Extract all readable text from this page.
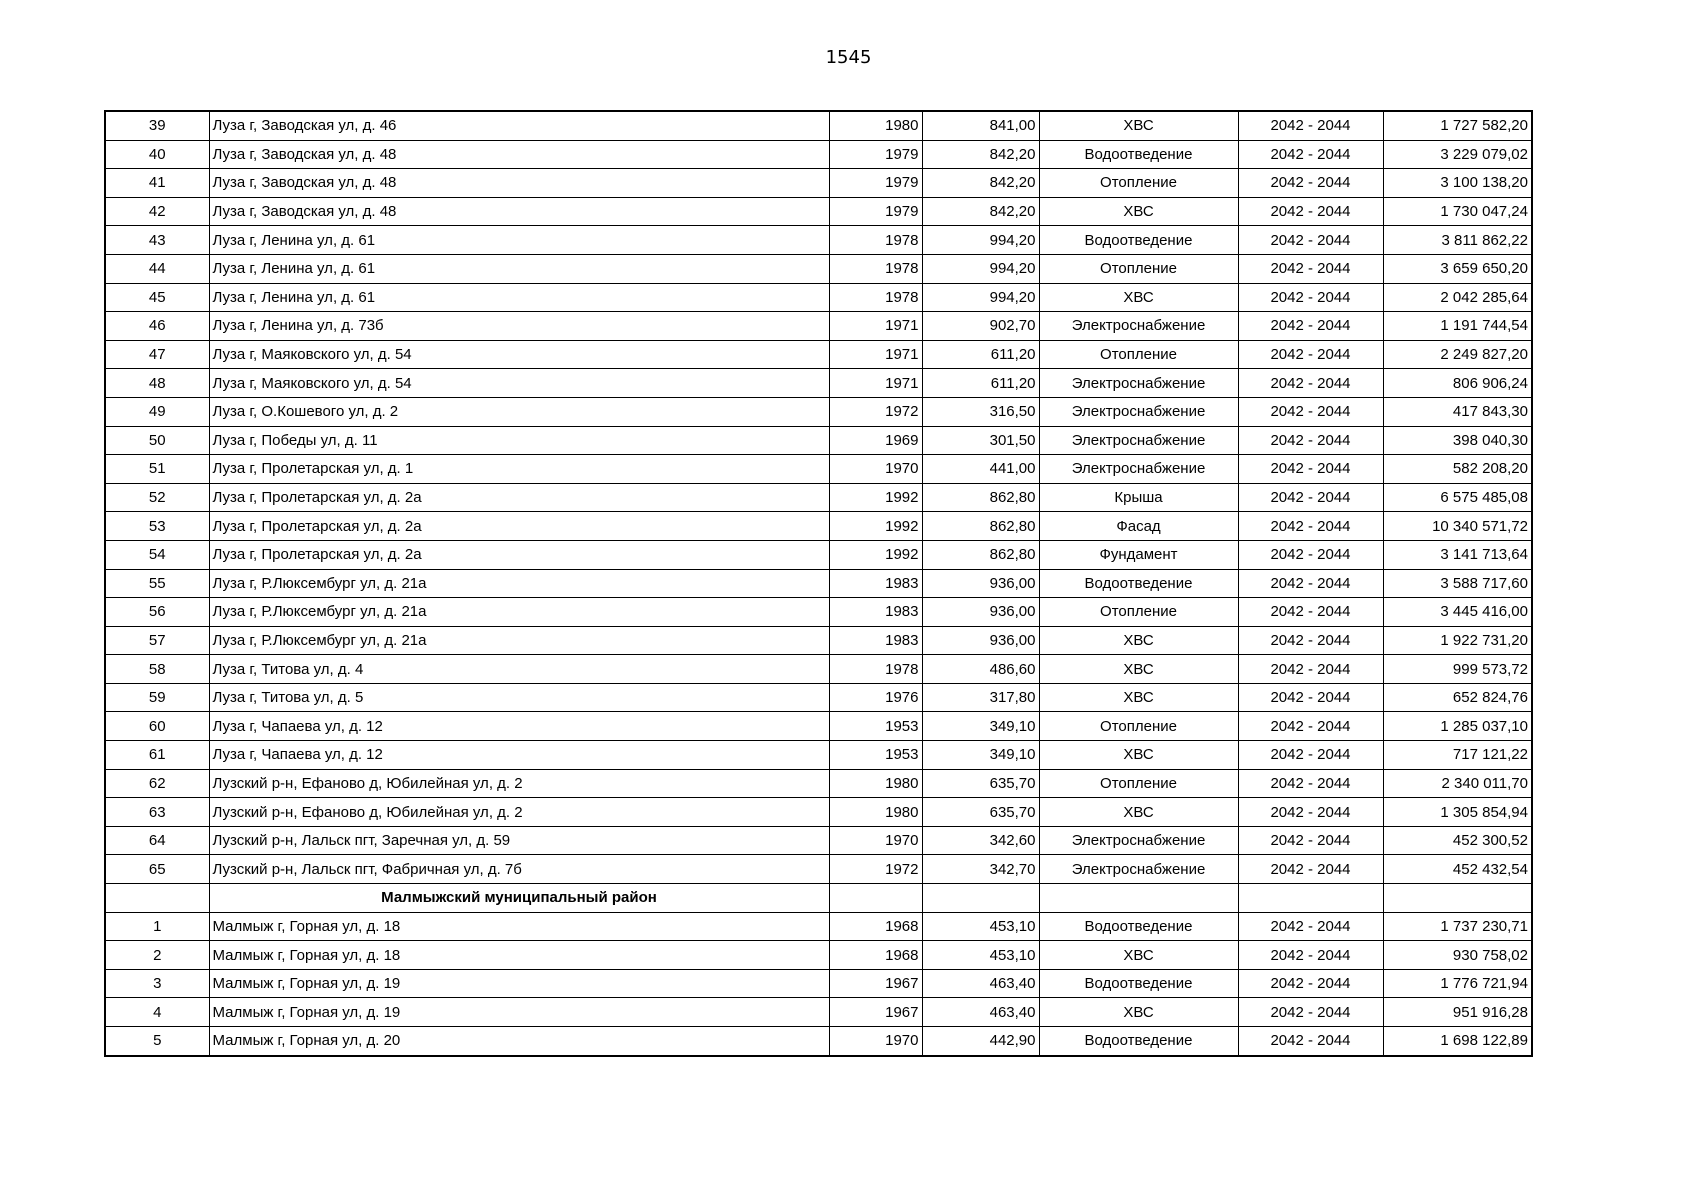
1545
39	Луза г, Заводская ул, д. 46	1980	841,00	ХВС	2042 - 2044	1 727 582,20
40	Луза г, Заводская ул, д. 48	1979	842,20	Водоотведение	2042 - 2044	3 229 079,02
41	Луза г, Заводская ул, д. 48	1979	842,20	Отопление	2042 - 2044	3 100 138,20
42	Луза г, Заводская ул, д. 48	1979	842,20	ХВС	2042 - 2044	1 730 047,24
43	Луза г, Ленина ул, д. 61	1978	994,20	Водоотведение	2042 - 2044	3 811 862,22
44	Луза г, Ленина ул, д. 61	1978	994,20	Отопление	2042 - 2044	3 659 650,20
45	Луза г, Ленина ул, д. 61	1978	994,20	ХВС	2042 - 2044	2 042 285,64
46	Луза г, Ленина ул, д. 73б	1971	902,70	Электроснабжение	2042 - 2044	1 191 744,54
47	Луза г, Маяковского ул, д. 54	1971	611,20	Отопление	2042 - 2044	2 249 827,20
48	Луза г, Маяковского ул, д. 54	1971	611,20	Электроснабжение	2042 - 2044	806 906,24
49	Луза г, О.Кошевого ул, д. 2	1972	316,50	Электроснабжение	2042 - 2044	417 843,30
50	Луза г, Победы ул, д. 11	1969	301,50	Электроснабжение	2042 - 2044	398 040,30
51	Луза г, Пролетарская ул, д. 1	1970	441,00	Электроснабжение	2042 - 2044	582 208,20
52	Луза г, Пролетарская ул, д. 2а	1992	862,80	Крыша	2042 - 2044	6 575 485,08
53	Луза г, Пролетарская ул, д. 2а	1992	862,80	Фасад	2042 - 2044	10 340 571,72
54	Луза г, Пролетарская ул, д. 2а	1992	862,80	Фундамент	2042 - 2044	3 141 713,64
55	Луза г, Р.Люксембург ул, д. 21а	1983	936,00	Водоотведение	2042 - 2044	3 588 717,60
56	Луза г, Р.Люксембург ул, д. 21а	1983	936,00	Отопление	2042 - 2044	3 445 416,00
57	Луза г, Р.Люксембург ул, д. 21а	1983	936,00	ХВС	2042 - 2044	1 922 731,20
58	Луза г, Титова ул, д. 4	1978	486,60	ХВС	2042 - 2044	999 573,72
59	Луза г, Титова ул, д. 5	1976	317,80	ХВС	2042 - 2044	652 824,76
60	Луза г, Чапаева ул, д. 12	1953	349,10	Отопление	2042 - 2044	1 285 037,10
61	Луза г, Чапаева ул, д. 12	1953	349,10	ХВС	2042 - 2044	717 121,22
62	Лузский р-н, Ефаново д, Юбилейная ул, д. 2	1980	635,70	Отопление	2042 - 2044	2 340 011,70
63	Лузский р-н, Ефаново д, Юбилейная ул, д. 2	1980	635,70	ХВС	2042 - 2044	1 305 854,94
64	Лузский р-н, Лальск пгт, Заречная ул, д. 59	1970	342,60	Электроснабжение	2042 - 2044	452 300,52
65	Лузский р-н, Лальск пгт, Фабричная ул, д. 7б	1972	342,70	Электроснабжение	2042 - 2044	452 432,54
	Малмыжский муниципальный район					
1	Малмыж г, Горная ул, д. 18	1968	453,10	Водоотведение	2042 - 2044	1 737 230,71
2	Малмыж г, Горная ул, д. 18	1968	453,10	ХВС	2042 - 2044	930 758,02
3	Малмыж г, Горная ул, д. 19	1967	463,40	Водоотведение	2042 - 2044	1 776 721,94
4	Малмыж г, Горная ул, д. 19	1967	463,40	ХВС	2042 - 2044	951 916,28
5	Малмыж г, Горная ул, д. 20	1970	442,90	Водоотведение	2042 - 2044	1 698 122,89
